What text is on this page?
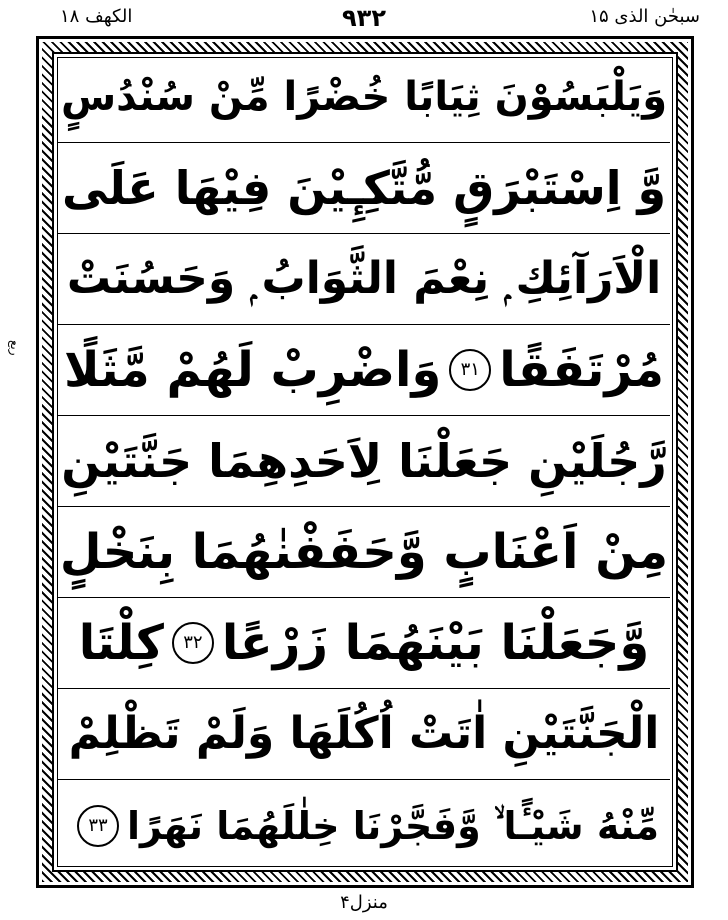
سبحٰن الذی ۱۵
۹۳۲
الکھف ۱۸
ربع
وَيَلْبَسُوْنَ ثِيَابًا خُضْرًا مِّنْ سُنْدُسٍ
وَّ اِسْتَبْرَقٍ مُّتَّكِـِٕيْنَ فِيْهَا عَلَى
الْاَرَآئِكِ ۭ نِعْمَ الثَّوَابُ ۭ وَحَسُنَتْ
مُرْتَفَقًا
۳۱
وَاضْرِبْ لَهُمْ مَّثَلًا
رَّجُلَيْنِ جَعَلْنَا لِاَحَدِهِمَا جَنَّتَيْنِ
مِنْ اَعْنَابٍ وَّحَفَفْنٰهُمَا بِنَخْلٍ
وَّجَعَلْنَا بَيْنَهُمَا زَرْعًا
۳۲
كِلْتَا
الْجَنَّتَيْنِ اٰتَتْ اُكُلَهَا وَلَمْ تَظْلِمْ
مِّنْهُ شَيْـًٔا ۙ وَّفَجَّرْنَا خِلٰلَهُمَا نَهَرًا
۳۳
منزل۴
